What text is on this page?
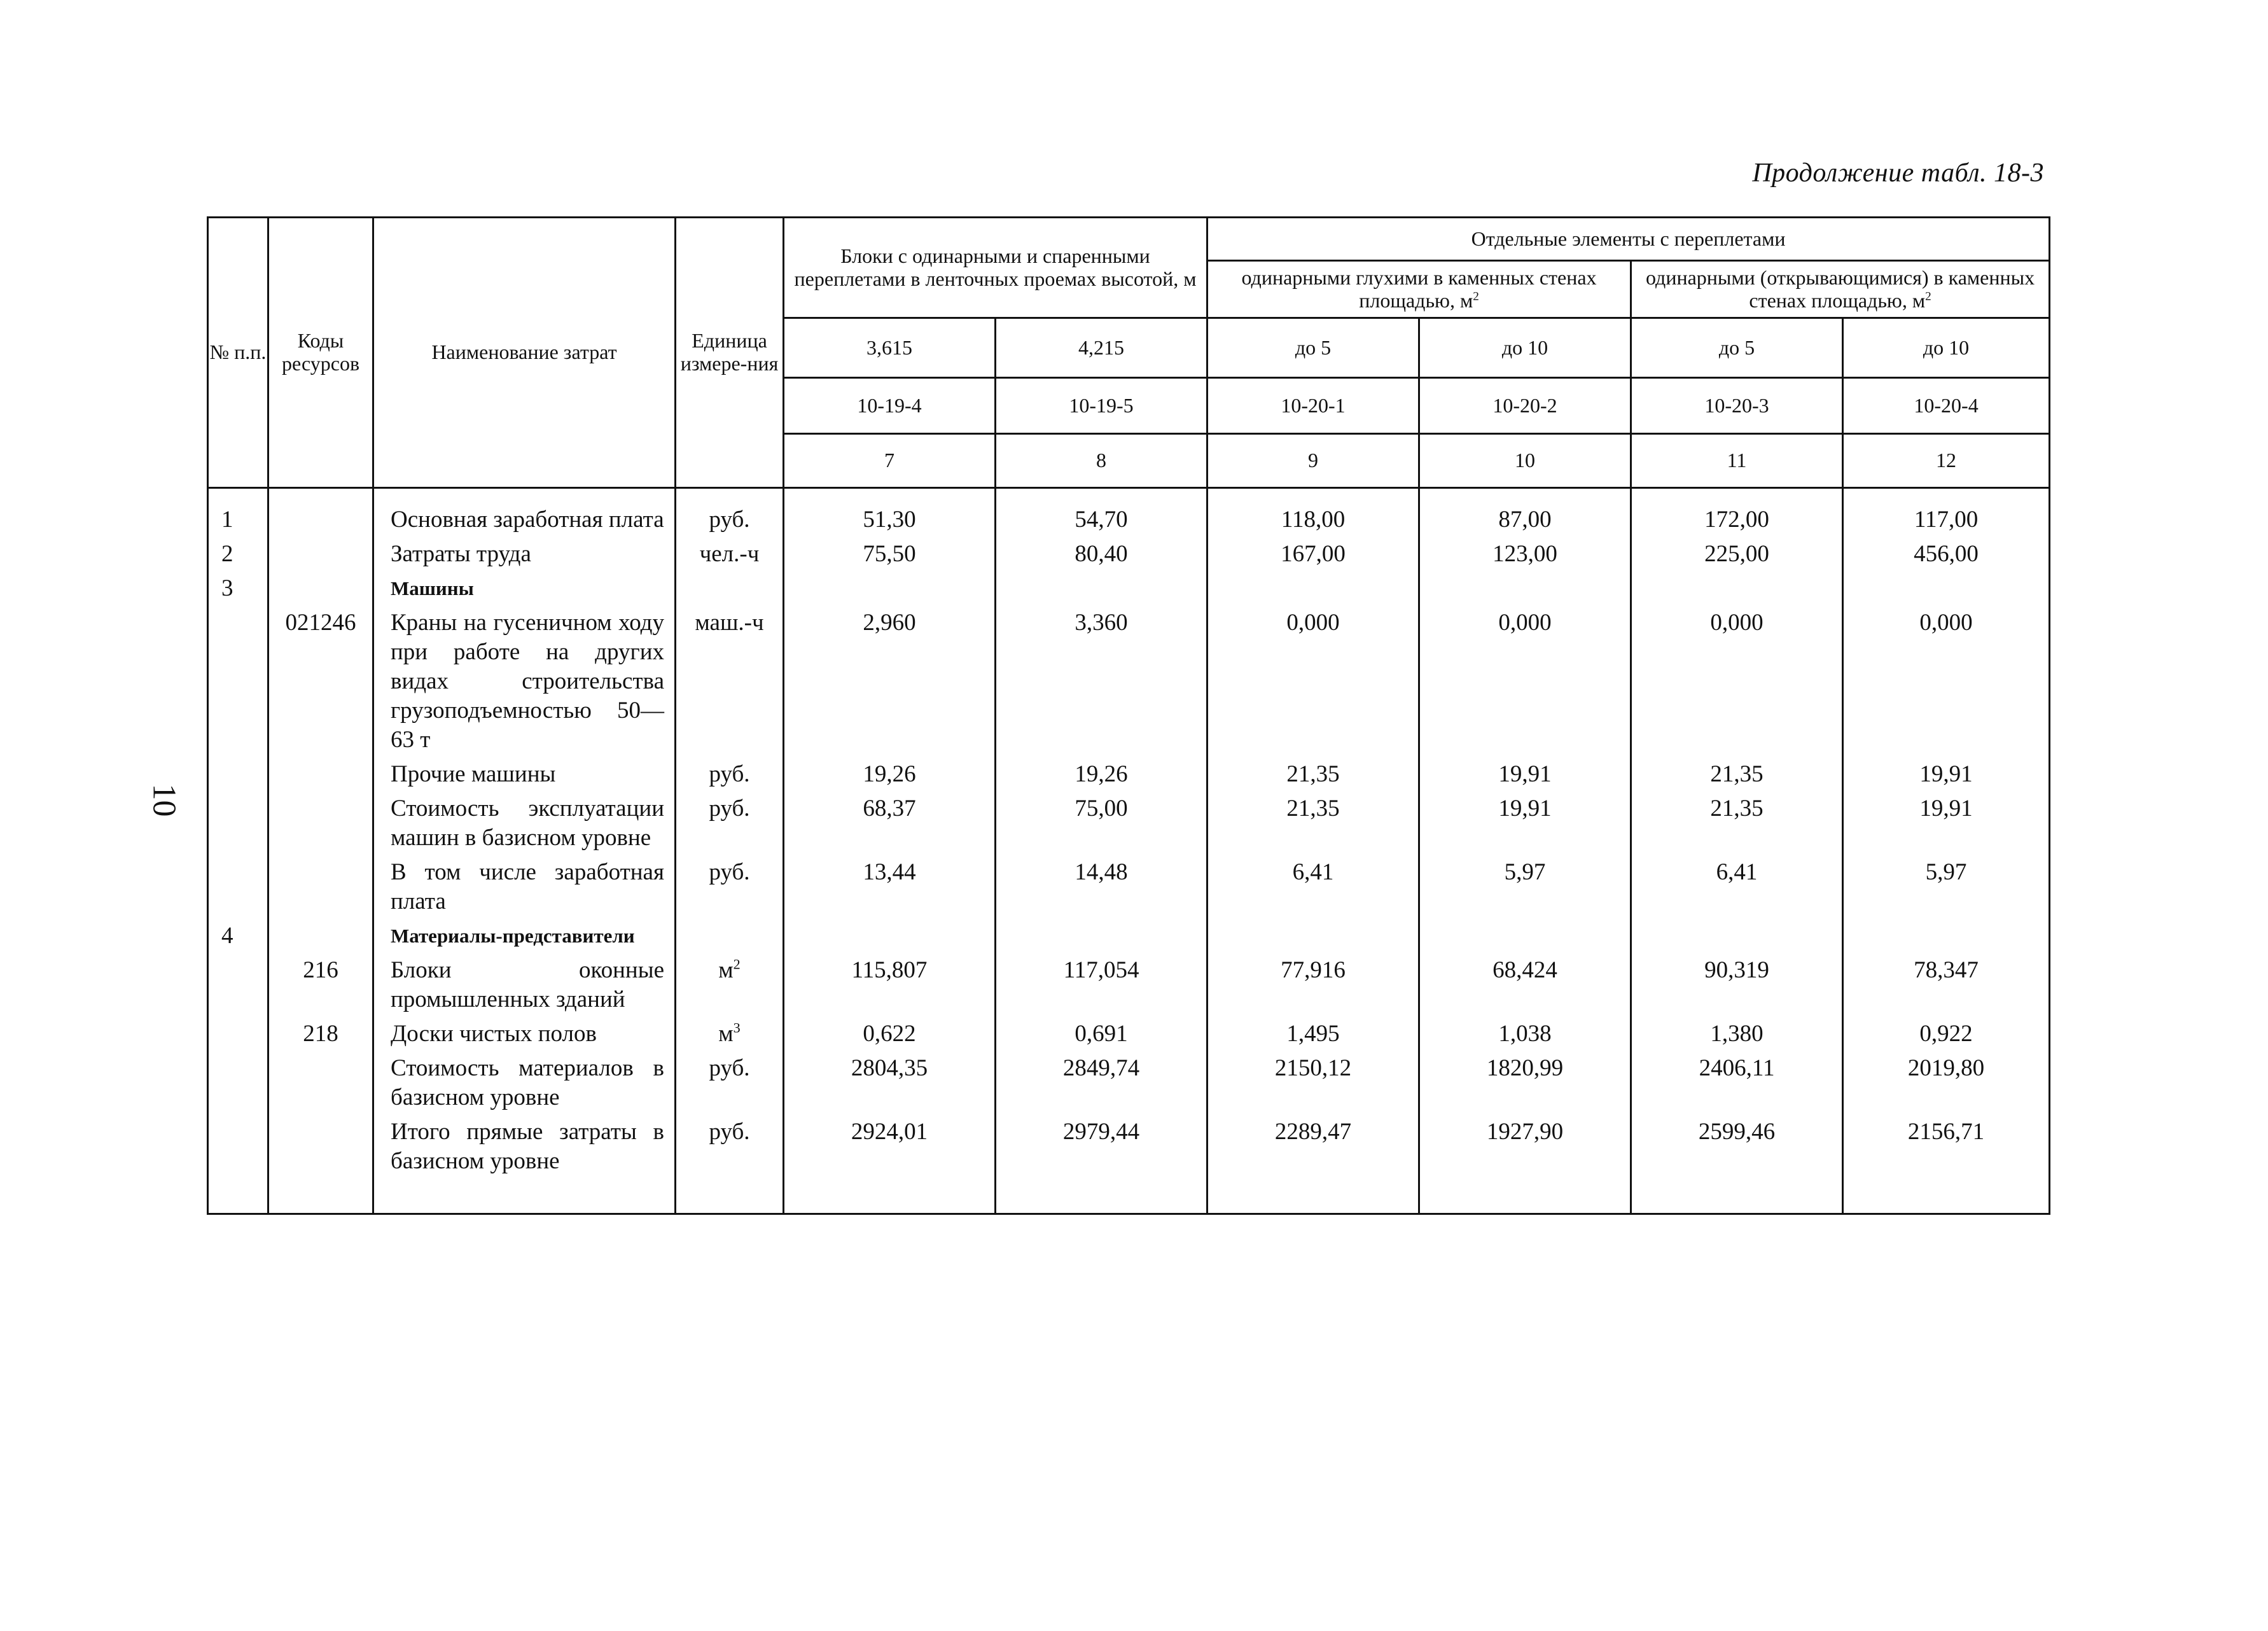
Продолжение табл. 18-3
10
№ п.п.	Коды ресурсов	Наименование затрат	Единица измере-ния	Блоки с одинарными и спаренными переплетами в ленточных проемах высотой, м		Отдельные элементы с переплетами			
						одинарными глухими в каменных стенах площадью, $м^2$		одинарными (открывающимися) в каменных стенах площадью, $м^2$
				3,615	4,215	до 5	до 10	до 5	до 10
				10-19-4	10-19-5	10-20-1	10-20-2	10-20-3	10-20-4
				7	8	9	10	11	12
1		Основная заработная плата	руб.	51,30	54,70	118,00	87,00	172,00	117,00
2		Затраты труда	чел.-ч	75,50	80,40	167,00	123,00	225,00	456,00
3		Машины							
	021246	Краны на гусеничном ходу при работе на других видах строительства грузоподъемностью 50—63 т	маш.-ч	2,960	3,360	0,000	0,000	0,000	0,000
		Прочие машины	руб.	19,26	19,26	21,35	19,91	21,35	19,91
		Стоимость эксплуатации машин в базисном уровне	руб.	68,37	75,00	21,35	19,91	21,35	19,91
		В том числе заработная плата	руб.	13,44	14,48	6,41	5,97	6,41	5,97
4		Материалы-представители							
	216	Блоки оконные промышленных зданий	$м^2$	115,807	117,054	77,916	68,424	90,319	78,347
	218	Доски чистых полов	$м^3$	0,622	0,691	1,495	1,038	1,380	0,922
		Стоимость материалов в базисном уровне	руб.	2804,35	2849,74	2150,12	1820,99	2406,11	2019,80
		Итого прямые затраты в базисном уровне	руб.	2924,01	2979,44	2289,47	1927,90	2599,46	2156,71
